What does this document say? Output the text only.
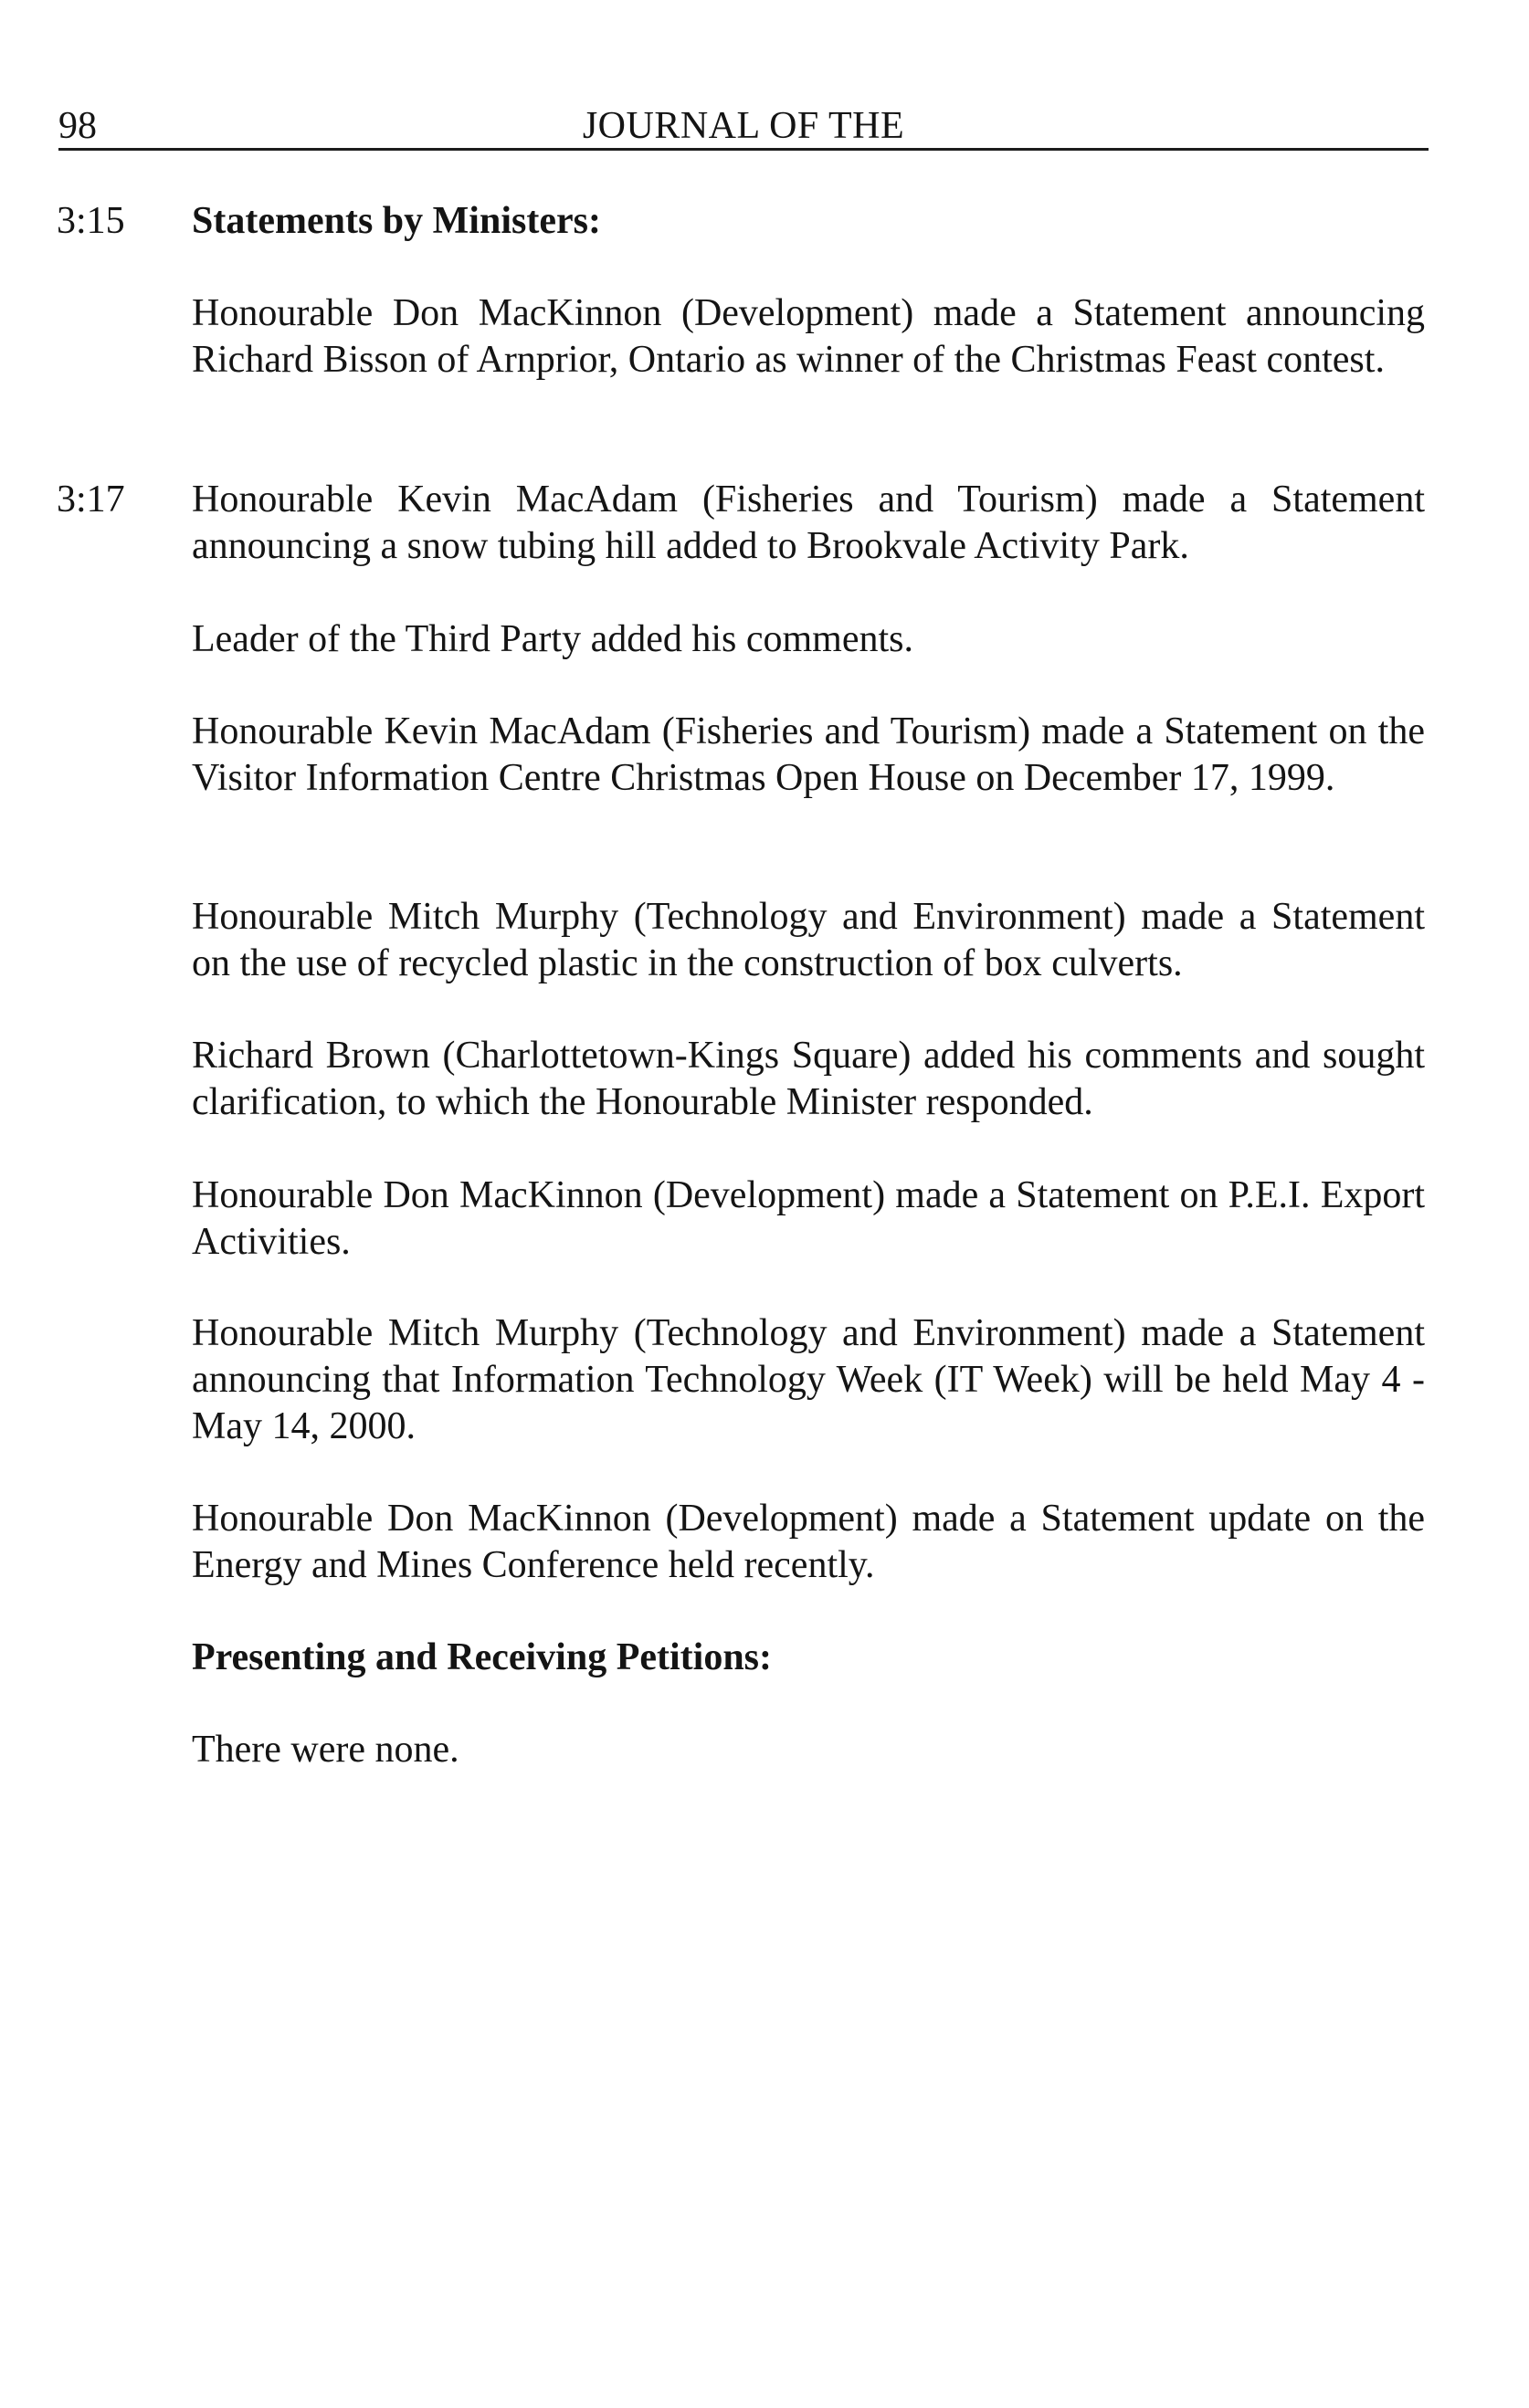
98	JOURNAL OF THE
3:15 Statements by Ministers:

Honourable Don MacKinnon (Development) made a Statement announcing Richard Bisson of Arnprior, Ontario as winner of the Christmas Feast contest.

3:17 Honourable Kevin MacAdam (Fisheries and Tourism) made a Statement announcing a snow tubing hill added to Brookvale Activity Park.

Leader of the Third Party added his comments.

Honourable Kevin MacAdam (Fisheries and Tourism) made a Statement on the Visitor Information Centre Christmas Open House on December 17, 1999.

Honourable Mitch Murphy (Technology and Environment) made a Statement on the use of recycled plastic in the construction of box culverts.

Richard Brown (Charlottetown-Kings Square) added his comments and sought clarification, to which the Honourable Minister responded.

Honourable Don MacKinnon (Development) made a Statement on P.E.I. Export Activities.

Honourable Mitch Murphy (Technology and Environment) made a Statement announcing that Information Technology Week (IT Week) will be held May 4 - May 14, 2000.

Honourable Don MacKinnon (Development) made a Statement update on the Energy and Mines Conference held recently.

Presenting and Receiving Petitions:

There were none.
